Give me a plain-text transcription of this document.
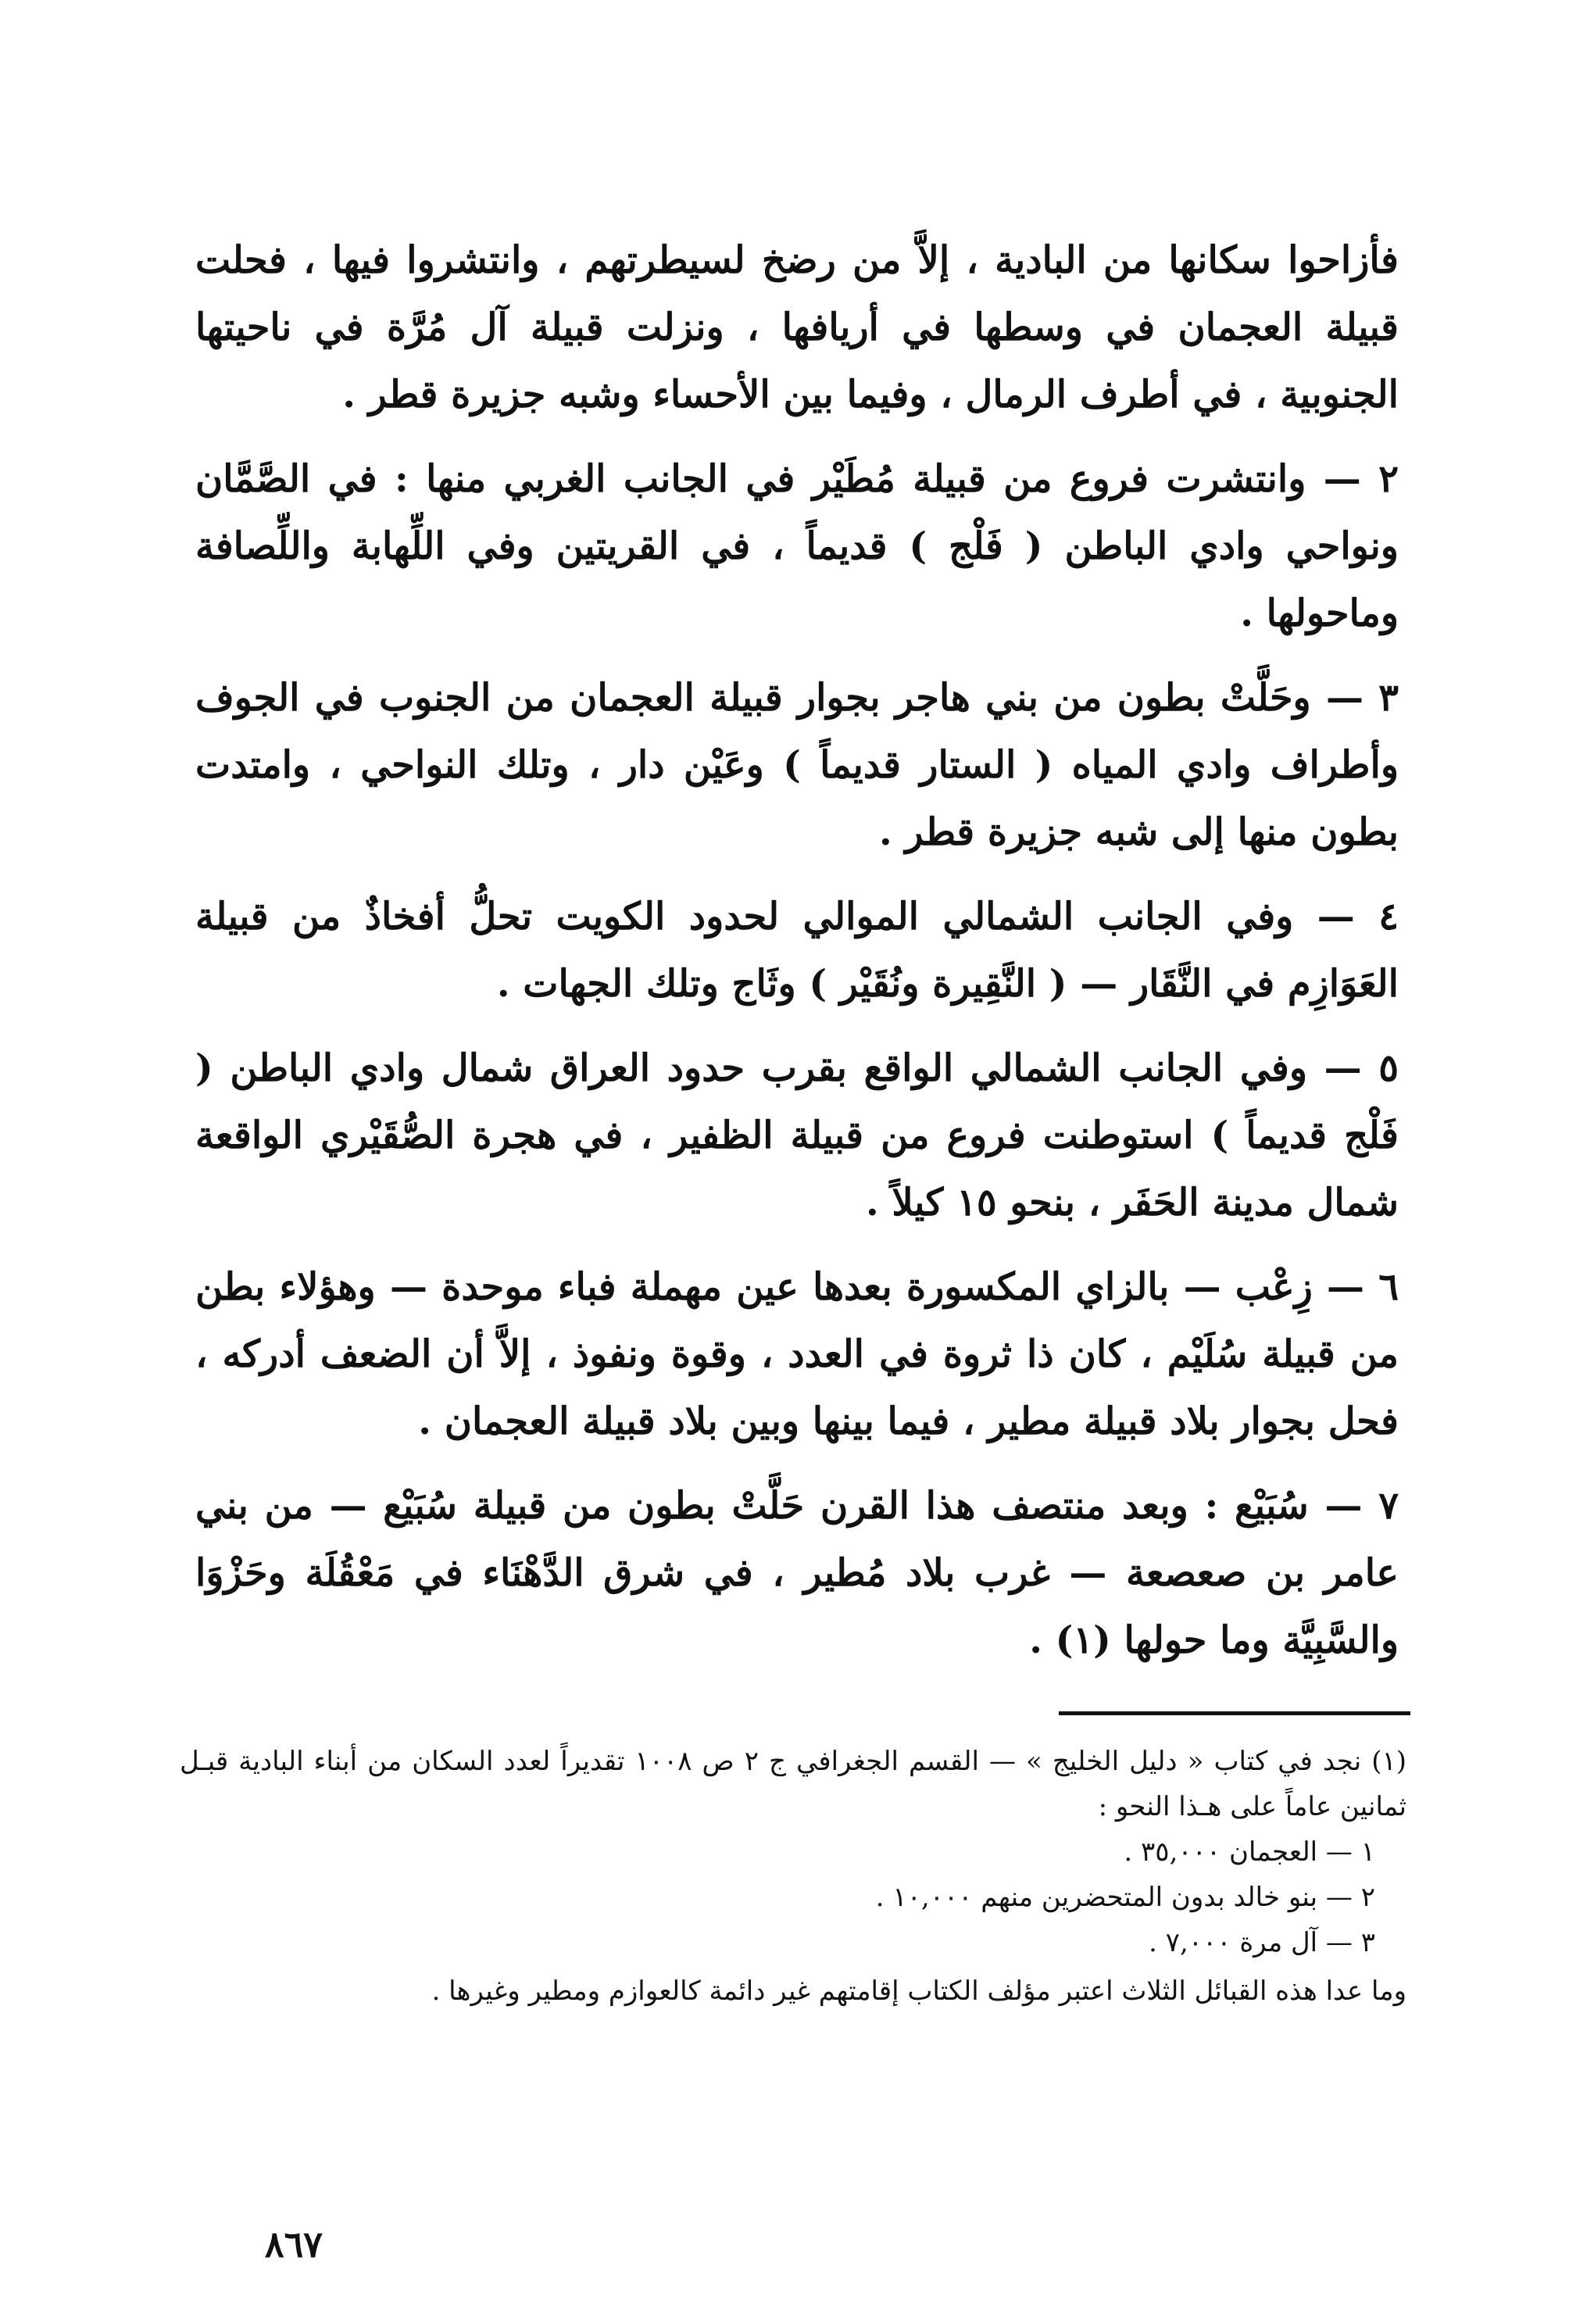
فأزاحوا سكانها من البادية ، إلاَّ من رضخ لسيطرتهم ، وانتشروا فيها ، فحلت قبيلة العجمان في وسطها في أريافها ، ونزلت قبيلة آل مُرَّة في ناحيتها الجنوبية ، في أطرف الرمال ، وفيما بين الأحساء وشبه جزيرة قطر .

٢ — وانتشرت فروع من قبيلة مُطَيْر في الجانب الغربي منها : في الصَّمَّان ونواحي وادي الباطن ( فَلْج ) قديماً ، في القريتين وفي اللِّهابة واللِّصافة وماحولها .

٣ — وحَلَّتْ بطون من بني هاجر بجوار قبيلة العجمان من الجنوب في الجوف وأطراف وادي المياه ( الستار قديماً ) وعَيْن دار ، وتلك النواحي ، وامتدت بطون منها إلى شبه جزيرة قطر .

٤ — وفي الجانب الشمالي الموالي لحدود الكويت تحلُّ أفخاذٌ من قبيلة العَوَازِم في النَّقَار — ( النَّقِيرة ونُقَيْر ) وثَاج وتلك الجهات .

٥ — وفي الجانب الشمالي الواقع بقرب حدود العراق شمال وادي الباطن ( فَلْج قديماً ) استوطنت فروع من قبيلة الظفير ، في هجرة الصُّقَيْري الواقعة شمال مدينة الحَفَر ، بنحو ١٥ كيلاً .

٦ — زِعْب — بالزاي المكسورة بعدها عين مهملة فباء موحدة — وهؤلاء بطن من قبيلة سُلَيْم ، كان ذا ثروة في العدد ، وقوة ونفوذ ، إلاَّ أن الضعف أدركه ، فحل بجوار بلاد قبيلة مطير ، فيما بينها وبين بلاد قبيلة العجمان .

٧ — سُبَيْع : وبعد منتصف هذا القرن حَلَّتْ بطون من قبيلة سُبَيْع — من بني عامر بن صعصعة — غرب بلاد مُطير ، في شرق الدَّهْنَاء في مَعْقُلَة وحَزْوَا والسَّبِيَّة وما حولها (١) .

(١) نجد في كتاب « دليل الخليج » — القسم الجغرافي ج ٢ ص ١٠٠٨ تقديراً لعدد السكان من أبناء البادية قبـل ثمانين عاماً على هـذا النحو :
١ — العجمان ٣٥,٠٠٠ .
٢ — بنو خالد بدون المتحضرين منهم ١٠,٠٠٠ .
٣ — آل مرة ٧,٠٠٠ .
وما عدا هذه القبائل الثلاث اعتبر مؤلف الكتاب إقامتهم غير دائمة كالعوازم ومطير وغيرها .
٨٦٧
